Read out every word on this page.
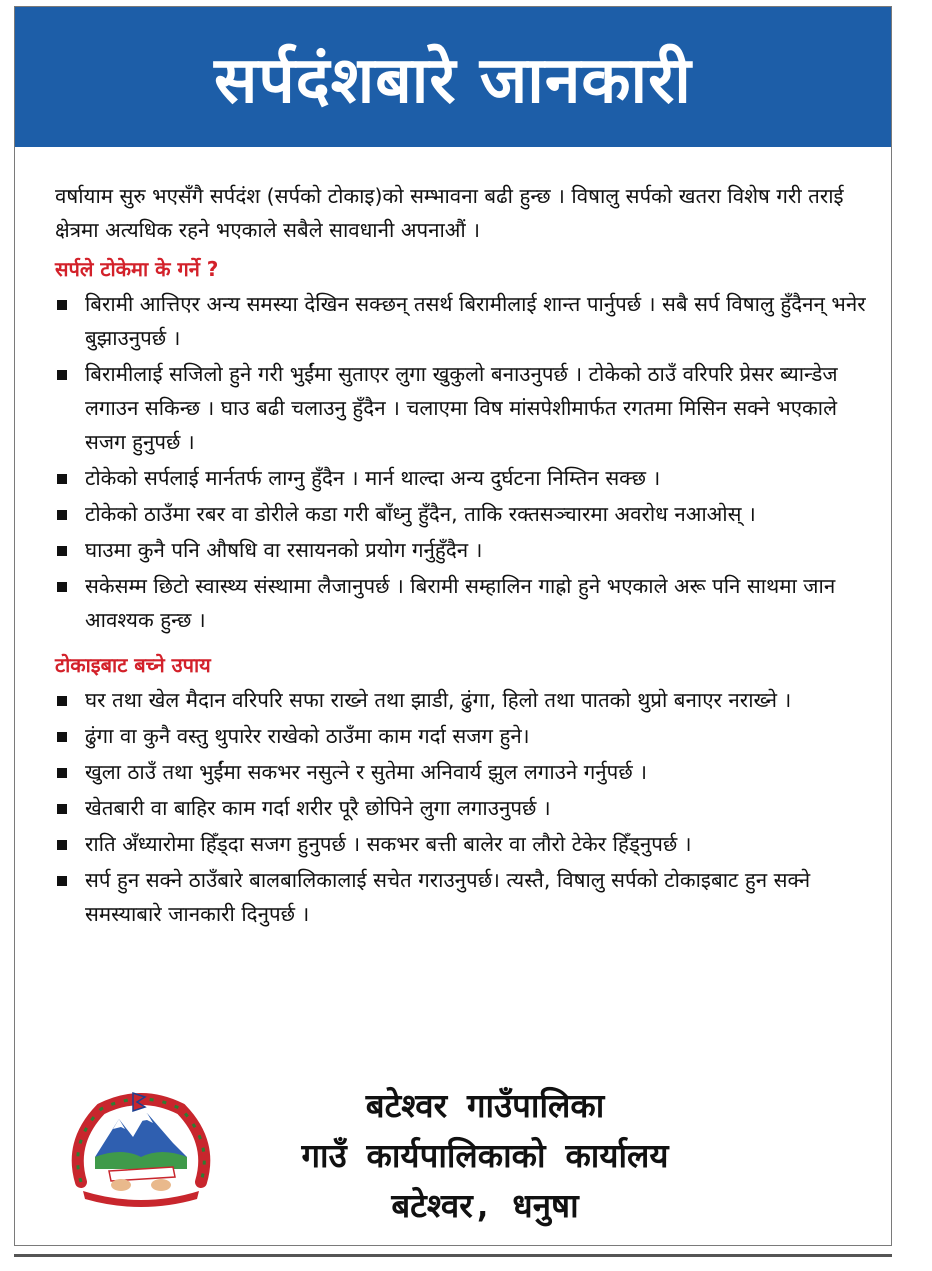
सर्पदंशबारे जानकारी

वर्षायाम सुरु भएसँगै सर्पदंश (सर्पको टोकाइ)को सम्भावना बढी हुन्छ । विषालु सर्पको खतरा विशेष गरी तराई क्षेत्रमा अत्यधिक रहने भएकाले सबैले सावधानी अपनाऔं ।

सर्पले टोकेमा के गर्ने ?
बिरामी आत्तिएर अन्य समस्या देखिन सक्छन् तसर्थ बिरामीलाई शान्त पार्नुपर्छ । सबै सर्प विषालु हुँदैनन् भनेर बुझाउनुपर्छ ।
बिरामीलाई सजिलो हुने गरी भुईंमा सुताएर लुगा खुकुलो बनाउनुपर्छ । टोकेको ठाउँ वरिपरि प्रेसर ब्यान्डेज लगाउन सकिन्छ । घाउ बढी चलाउनु हुँदैन । चलाएमा विष मांसपेशीमार्फत रगतमा मिसिन सक्ने भएकाले सजग हुनुपर्छ ।
टोकेको सर्पलाई मार्नतर्फ लाग्नु हुँदैन । मार्न थाल्दा अन्य दुर्घटना निम्तिन सक्छ ।
टोकेको ठाउँमा रबर वा डोरीले कडा गरी बाँध्नु हुँदैन, ताकि रक्तसञ्चारमा अवरोध नआओस् ।
घाउमा कुनै पनि औषधि वा रसायनको प्रयोग गर्नुहुँदैन ।
सकेसम्म छिटो स्वास्थ्य संस्थामा लैजानुपर्छ । बिरामी सम्हालिन गाह्रो हुने भएकाले अरू पनि साथमा जान आवश्यक हुन्छ ।
टोकाइबाट बच्ने उपाय
घर तथा खेल मैदान वरिपरि सफा राख्ने तथा झाडी, ढुंगा, हिलो तथा पातको थुप्रो बनाएर नराख्ने ।
ढुंगा वा कुनै वस्तु थुपारेर राखेको ठाउँमा काम गर्दा सजग हुने।
खुला ठाउँ तथा भुईंमा सकभर नसुत्ने र सुतेमा अनिवार्य झुल लगाउने गर्नुपर्छ ।
खेतबारी वा बाहिर काम गर्दा शरीर पूरै छोपिने लुगा लगाउनुपर्छ ।
राति अँध्यारोमा हिँड्दा सजग हुनुपर्छ । सकभर बत्ती बालेर वा लौरो टेकेर हिँड्नुपर्छ ।
सर्प हुन सक्ने ठाउँबारे बालबालिकालाई सचेत गराउनुपर्छ। त्यस्तै, विषालु सर्पको टोकाइबाट हुन सक्ने समस्याबारे जानकारी दिनुपर्छ ।
बटेश्वर गाउँपालिका
गाउँ कार्यपालिकाको कार्यालय
बटेश्वर, धनुषा
